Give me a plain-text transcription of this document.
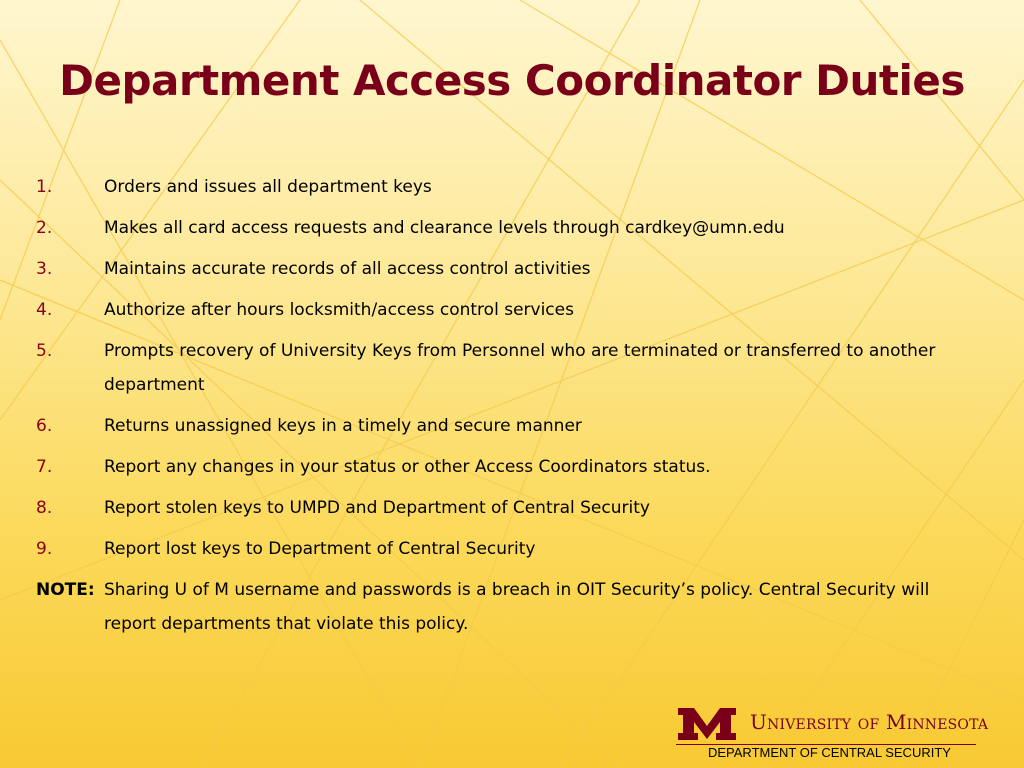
Department Access Coordinator Duties
1.	Orders and issues all department keys
2.	Makes all card access requests and clearance levels through cardkey@umn.edu
3.	Maintains accurate records of all access control activities
4.	Authorize after hours locksmith/access control services
5.	Prompts recovery of University Keys from Personnel who are terminated or transferred to another department
6.	Returns unassigned keys in a timely and secure manner
7.	Report any changes in your status or other Access Coordinators status.
8.	Report stolen keys to UMPD and Department of Central Security
9.	Report lost keys to Department of Central Security
NOTE: Sharing U of M username and passwords is a breach in OIT Security’s policy. Central Security will report departments that violate this policy.
University of Minnesota
DEPARTMENT OF CENTRAL SECURITY
